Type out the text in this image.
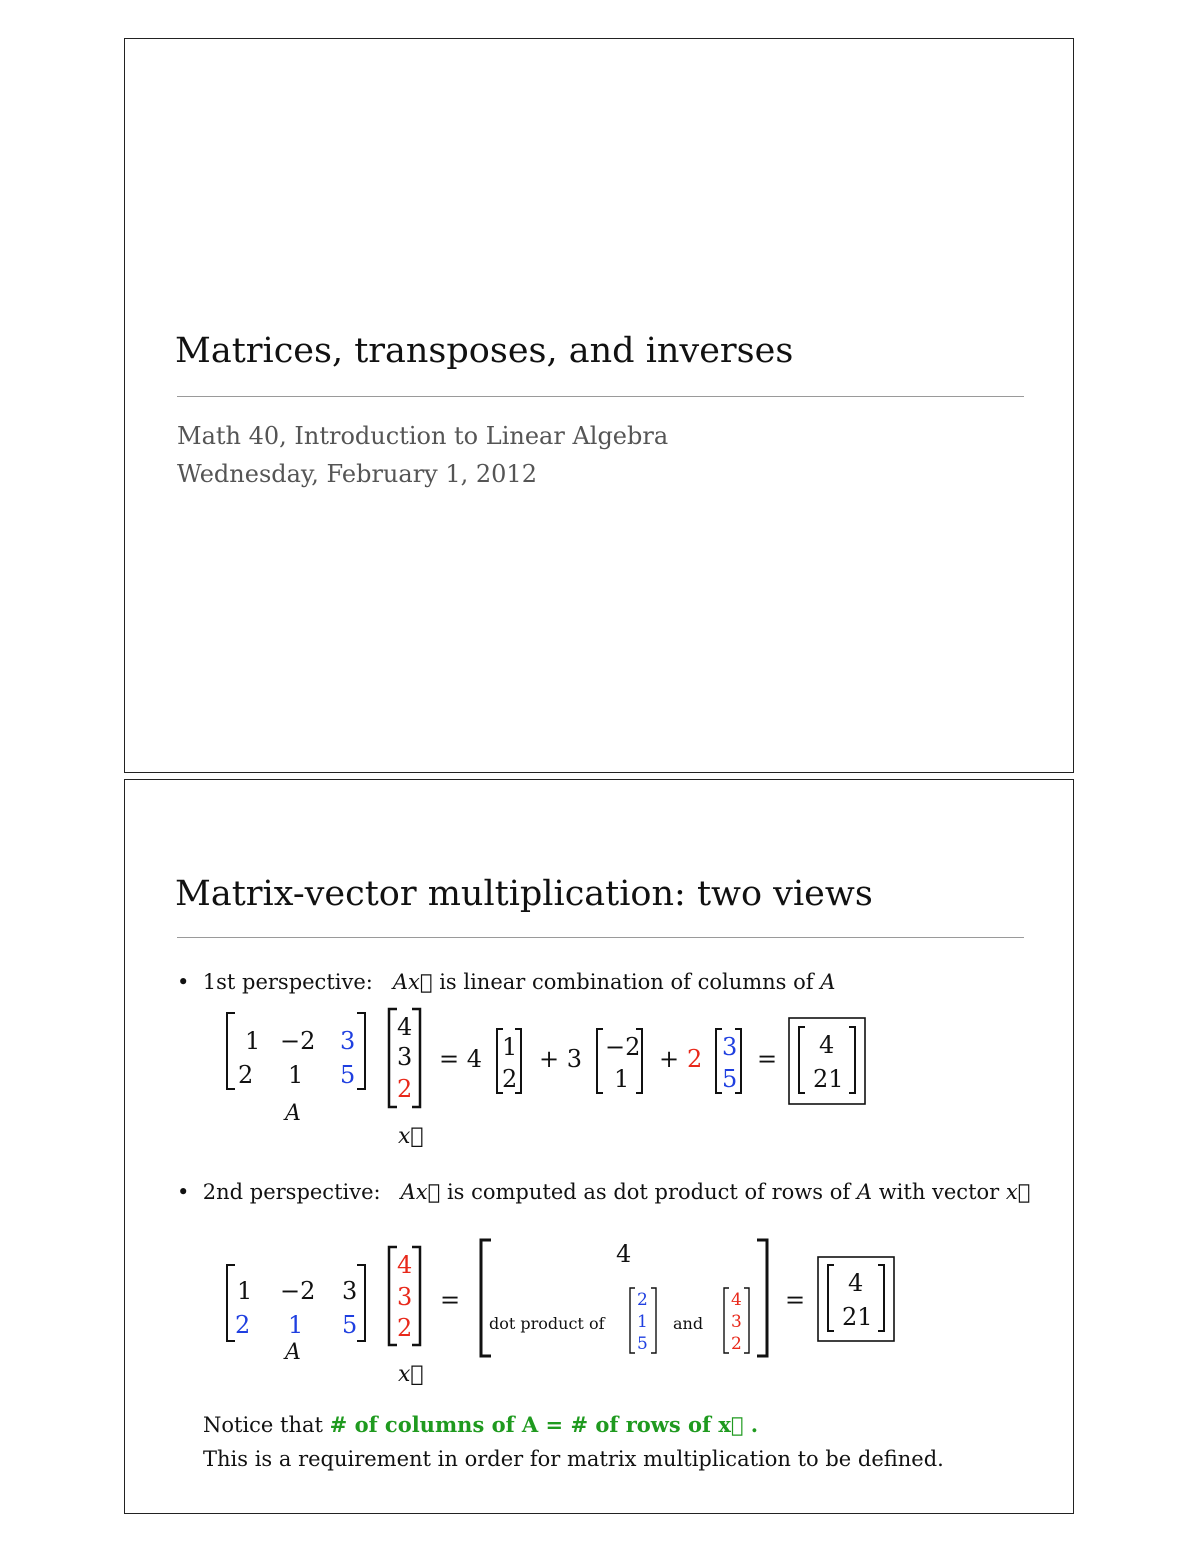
Matrices, transposes, and inverses
Math 40, Introduction to Linear Algebra
Wednesday, February 1, 2012
Matrix-vector multiplication: two views
• 1st perspective: Ax⃗ is linear combination of columns of A
1 −2 3
2 1 5
A
4
3
2
x⃗
= 4 1
2
+ 3 −2
1
+ 2 3
5
= 4
21
• 2nd perspective: Ax⃗ is computed as dot product of rows of A with vector x⃗
1 −2 3
2 1 5
A
4
3
2
x⃗
=
4
dot product of
2
1
5
and
4
3
2
=
4
21
Notice that # of columns of A = # of rows of x⃗ .
This is a requirement in order for matrix multiplication to be defined.
